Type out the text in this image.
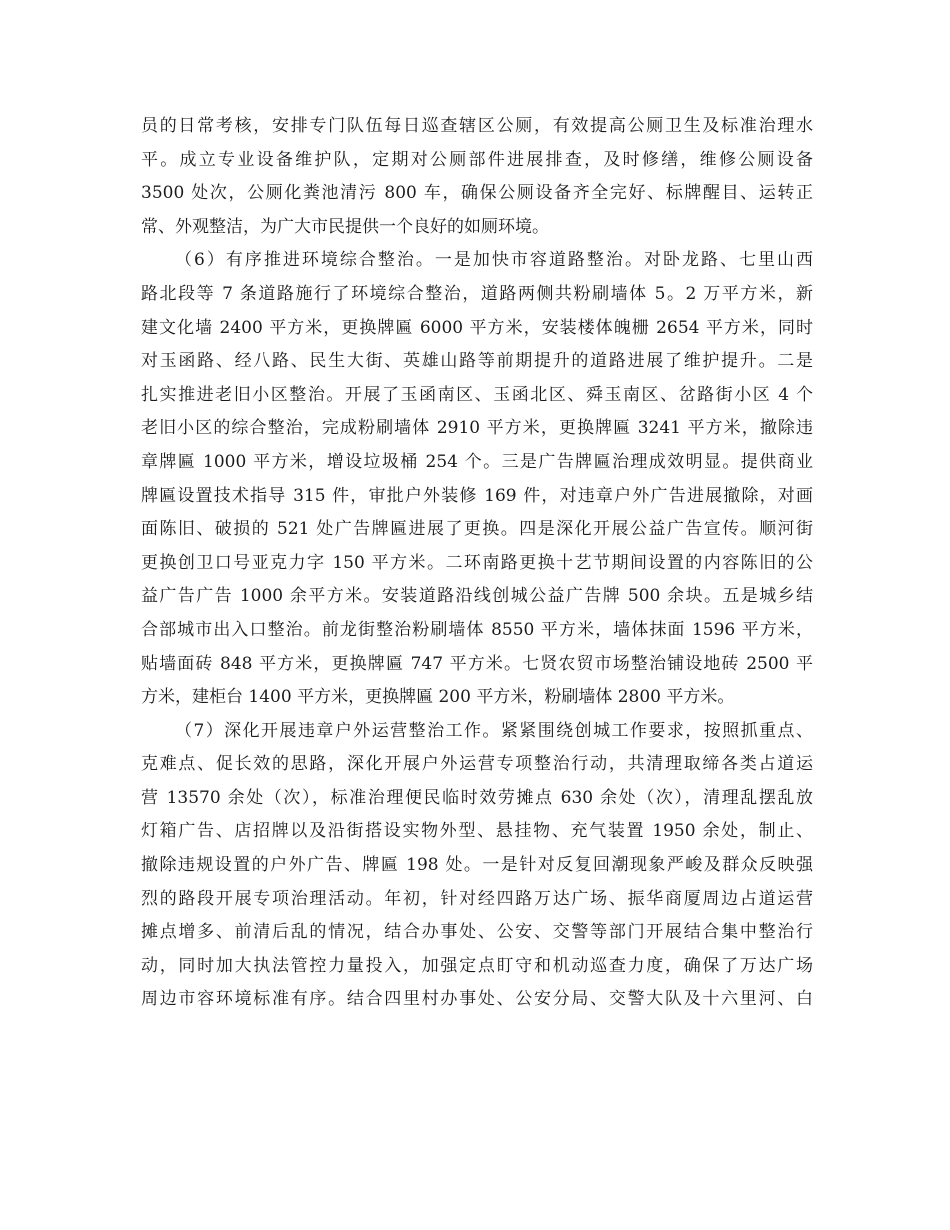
员的日常考核，安排专门队伍每日巡查辖区公厕，有效提高公厕卫生及标准治理水
平。成立专业设备维护队，定期对公厕部件进展排查，及时修缮，维修公厕设备
3500 处次，公厕化粪池清污 800 车，确保公厕设备齐全完好、标牌醒目、运转正
常、外观整洁，为广大市民提供一个良好的如厕环境。

（6）有序推进环境综合整治。一是加快市容道路整治。对卧龙路、七里山西
路北段等 7 条道路施行了环境综合整治，道路两侧共粉刷墙体 5。2 万平方米，新
建文化墙 2400 平方米，更换牌匾 6000 平方米，安装楼体魄栅 2654 平方米，同时
对玉函路、经八路、民生大街、英雄山路等前期提升的道路进展了维护提升。二是
扎实推进老旧小区整治。开展了玉函南区、玉函北区、舜玉南区、岔路街小区 4 个
老旧小区的综合整治，完成粉刷墙体 2910 平方米，更换牌匾 3241 平方米，撤除违
章牌匾 1000 平方米，增设垃圾桶 254 个。三是广告牌匾治理成效明显。提供商业
牌匾设置技术指导 315 件，审批户外装修 169 件，对违章户外广告进展撤除，对画
面陈旧、破损的 521 处广告牌匾进展了更换。四是深化开展公益广告宣传。顺河街
更换创卫口号亚克力字 150 平方米。二环南路更换十艺节期间设置的内容陈旧的公
益广告广告 1000 余平方米。安装道路沿线创城公益广告牌 500 余块。五是城乡结
合部城市出入口整治。前龙街整治粉刷墙体 8550 平方米，墙体抹面 1596 平方米，
贴墙面砖 848 平方米，更换牌匾 747 平方米。七贤农贸市场整治铺设地砖 2500 平
方米，建柜台 1400 平方米，更换牌匾 200 平方米，粉刷墙体 2800 平方米。

（7）深化开展违章户外运营整治工作。紧紧围绕创城工作要求，按照抓重点、
克难点、促长效的思路，深化开展户外运营专项整治行动，共清理取缔各类占道运
营 13570 余处（次），标准治理便民临时效劳摊点 630 余处（次），清理乱摆乱放
灯箱广告、店招牌以及沿街搭设实物外型、悬挂物、充气装置 1950 余处，制止、
撤除违规设置的户外广告、牌匾 198 处。一是针对反复回潮现象严峻及群众反映强
烈的路段开展专项治理活动。年初，针对经四路万达广场、振华商厦周边占道运营
摊点增多、前清后乱的情况，结合办事处、公安、交警等部门开展结合集中整治行
动，同时加大执法管控力量投入，加强定点盯守和机动巡查力度，确保了万达广场
周边市容环境标准有序。结合四里村办事处、公安分局、交警大队及十六里河、白
